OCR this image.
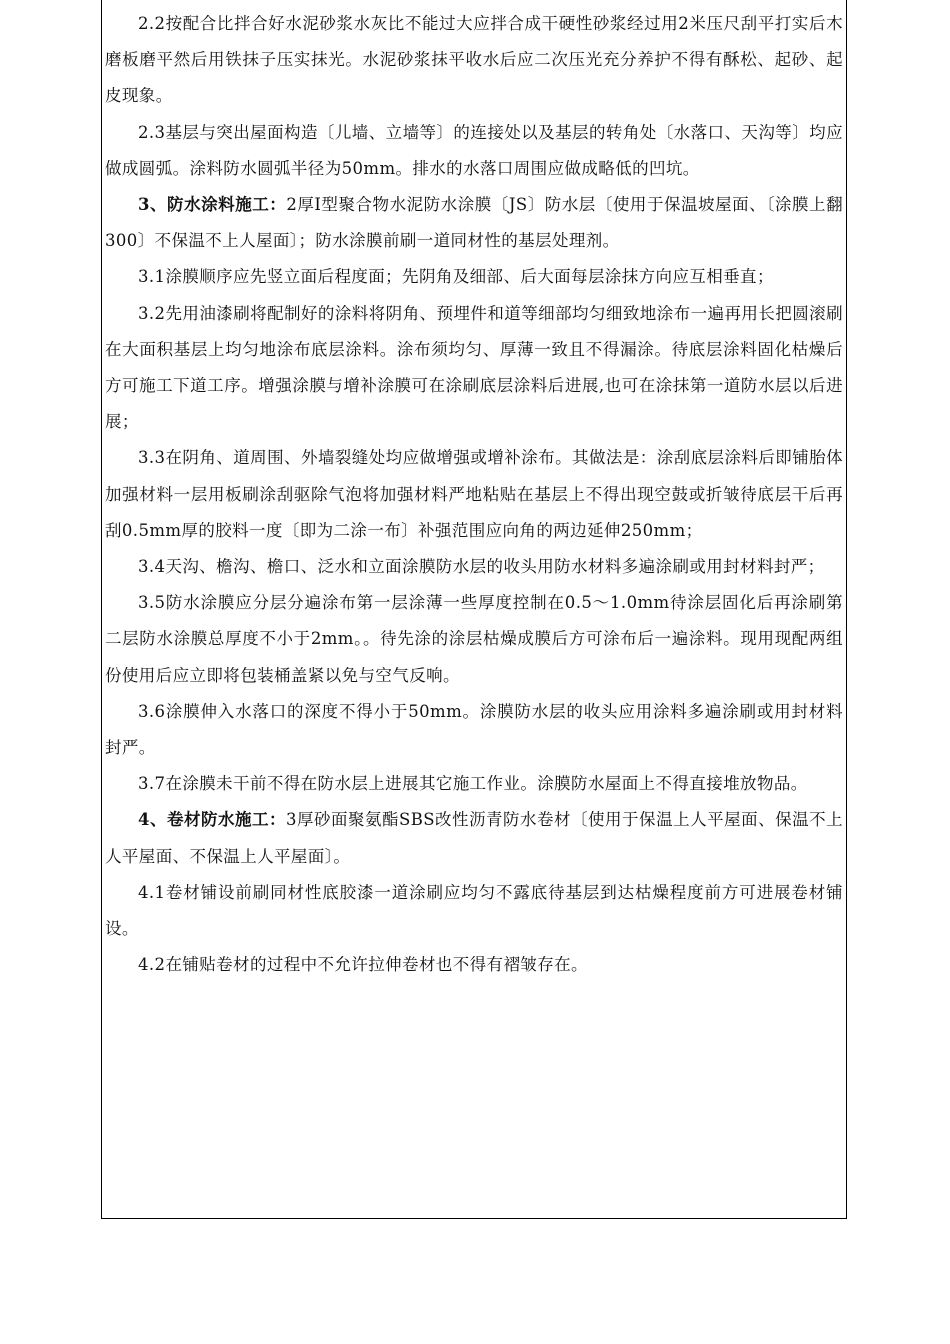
2.2按配合比拌合好水泥砂浆水灰比不能过大应拌合成干硬性砂浆经过用2米压尺刮平打实后木磨板磨平然后用铁抹子压实抹光。水泥砂浆抹平收水后应二次压光充分养护不得有酥松、起砂、起皮现象。

2.3基层与突出屋面构造〔儿墙、立墙等〕的连接处以及基层的转角处〔水落口、天沟等〕均应做成圆弧。涂料防水圆弧半径为50mm。排水的水落口周围应做成略低的凹坑。

3、防水涂料施工：2厚Ⅰ型聚合物水泥防水涂膜〔JS〕防水层〔使用于保温坡屋面、〔涂膜上翻300〕不保温不上人屋面〕；防水涂膜前刷一道同材性的基层处理剂。

3.1涂膜顺序应先竖立面后程度面；先阴角及细部、后大面每层涂抹方向应互相垂直；

3.2先用油漆刷将配制好的涂料将阴角、预埋件和道等细部均匀细致地涂布一遍再用长把圆滚刷在大面积基层上均匀地涂布底层涂料。涂布须均匀、厚薄一致且不得漏涂。待底层涂料固化枯燥后方可施工下道工序。增强涂膜与增补涂膜可在涂刷底层涂料后进展,也可在涂抹第一道防水层以后进展；

3.3在阴角、道周围、外墙裂缝处均应做增强或增补涂布。其做法是：涂刮底层涂料后即铺胎体加强材料一层用板刷涂刮驱除气泡将加强材料严地粘贴在基层上不得出现空鼓或折皱待底层干后再刮0.5mm厚的胶料一度〔即为二涂一布〕补强范围应向角的两边延伸250mm；

3.4天沟、檐沟、檐口、泛水和立面涂膜防水层的收头用防水材料多遍涂刷或用封材料封严；

3.5防水涂膜应分层分遍涂布第一层涂薄一些厚度控制在0.5～1.0mm待涂层固化后再涂刷第二层防水涂膜总厚度不小于2mm。。待先涂的涂层枯燥成膜后方可涂布后一遍涂料。现用现配两组份使用后应立即将包装桶盖紧以免与空气反响。

3.6涂膜伸入水落口的深度不得小于50mm。涂膜防水层的收头应用涂料多遍涂刷或用封材料封严。

3.7在涂膜未干前不得在防水层上进展其它施工作业。涂膜防水屋面上不得直接堆放物品。

4、卷材防水施工：3厚砂面聚氨酯SBS改性沥青防水卷材〔使用于保温上人平屋面、保温不上人平屋面、不保温上人平屋面〕。

4.1卷材铺设前刷同材性底胶漆一道涂刷应均匀不露底待基层到达枯燥程度前方可进展卷材铺设。

4.2在铺贴卷材的过程中不允许拉伸卷材也不得有褶皱存在。
